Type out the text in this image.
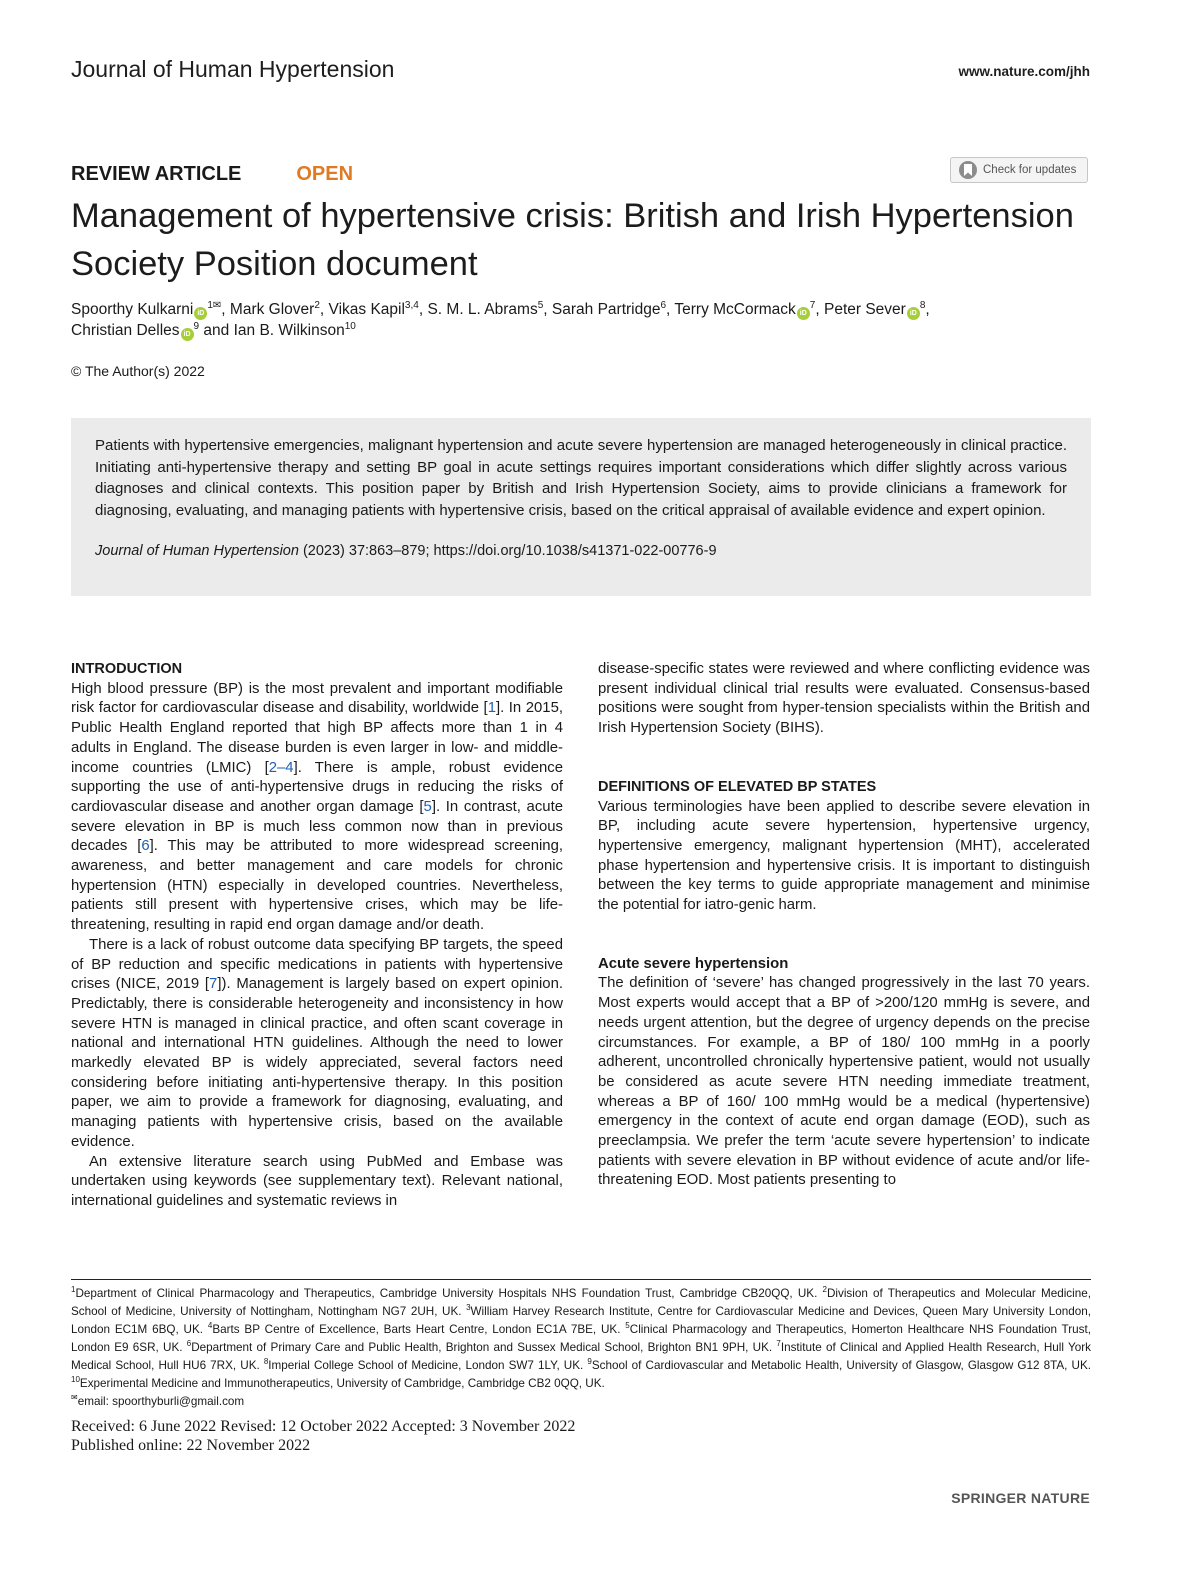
Journal of Human Hypertension	www.nature.com/jhh
REVIEW ARTICLE	OPEN	Check for updates
Management of hypertensive crisis: British and Irish Hypertension Society Position document
Spoorthy Kulkarni $iD^{1✉}$, Mark Glover$^2$, Vikas Kapil$^{3,4}$, S. M. L. Abrams$^5$, Sarah Partridge$^6$, Terry McCormack $iD^7$, Peter Sever $iD^8$,
Christian Delles $iD^9$ and Ian B. Wilkinson$^{10}$
© The Author(s) 2022

Patients with hypertensive emergencies, malignant hypertension and acute severe hypertension are managed heterogeneously in clinical practice. Initiating anti-hypertensive therapy and setting BP goal in acute settings requires important considerations which differ slightly across various diagnoses and clinical contexts. This position paper by British and Irish Hypertension Society, aims to provide clinicians a framework for diagnosing, evaluating, and managing patients with hypertensive crisis, based on the critical appraisal of available evidence and expert opinion.

Journal of Human Hypertension (2023) 37:863–879; https://doi.org/10.1038/s41371-022-00776-9

INTRODUCTION

High blood pressure (BP) is the most prevalent and important modifiable risk factor for cardiovascular disease and disability, worldwide [1]. In 2015, Public Health England reported that high BP affects more than 1 in 4 adults in England. The disease burden is even larger in low- and middle-income countries (LMIC) [2–4]. There is ample, robust evidence supporting the use of anti-hypertensive drugs in reducing the risks of cardiovascular disease and another organ damage [5]. In contrast, acute severe elevation in BP is much less common now than in previous decades [6]. This may be attributed to more widespread screening, awareness, and better management and care models for chronic hypertension (HTN) especially in developed countries. Nevertheless, patients still present with hypertensive crises, which may be life-threatening, resulting in rapid end organ damage and/or death.

There is a lack of robust outcome data specifying BP targets, the speed of BP reduction and specific medications in patients with hypertensive crises (NICE, 2019 [7]). Management is largely based on expert opinion. Predictably, there is considerable heterogeneity and inconsistency in how severe HTN is managed in clinical practice, and often scant coverage in national and international HTN guidelines. Although the need to lower markedly elevated BP is widely appreciated, several factors need considering before initiating anti-hypertensive therapy. In this position paper, we aim to provide a framework for diagnosing, evaluating, and managing patients with hypertensive crisis, based on the available evidence.

An extensive literature search using PubMed and Embase was undertaken using keywords (see supplementary text). Relevant national, international guidelines and systematic reviews in

disease-specific states were reviewed and where conflicting evidence was present individual clinical trial results were evaluated. Consensus-based positions were sought from hyper-tension specialists within the British and Irish Hypertension Society (BIHS).

DEFINITIONS OF ELEVATED BP STATES

Various terminologies have been applied to describe severe elevation in BP, including acute severe hypertension, hypertensive urgency, hypertensive emergency, malignant hypertension (MHT), accelerated phase hypertension and hypertensive crisis. It is important to distinguish between the key terms to guide appropriate management and minimise the potential for iatro-genic harm.

Acute severe hypertension

The definition of ‘severe’ has changed progressively in the last 70 years. Most experts would accept that a BP of >200/120 mmHg is severe, and needs urgent attention, but the degree of urgency depends on the precise circumstances. For example, a BP of 180/ 100 mmHg in a poorly adherent, uncontrolled chronically hypertensive patient, would not usually be considered as acute severe HTN needing immediate treatment, whereas a BP of 160/ 100 mmHg would be a medical (hypertensive) emergency in the context of acute end organ damage (EOD), such as preeclampsia. We prefer the term ‘acute severe hypertension’ to indicate patients with severe elevation in BP without evidence of acute and/or life-threatening EOD. Most patients presenting to

$^1$Department of Clinical Pharmacology and Therapeutics, Cambridge University Hospitals NHS Foundation Trust, Cambridge CB20QQ, UK. $^2$Division of Therapeutics and Molecular Medicine, School of Medicine, University of Nottingham, Nottingham NG7 2UH, UK. $^3$William Harvey Research Institute, Centre for Cardiovascular Medicine and Devices, Queen Mary University London, London EC1M 6BQ, UK. $^4$Barts BP Centre of Excellence, Barts Heart Centre, London EC1A 7BE, UK. $^5$Clinical Pharmacology and Therapeutics, Homerton Healthcare NHS Foundation Trust, London E9 6SR, UK. $^6$Department of Primary Care and Public Health, Brighton and Sussex Medical School, Brighton BN1 9PH, UK. $^7$Institute of Clinical and Applied Health Research, Hull York Medical School, Hull HU6 7RX, UK. $^8$Imperial College School of Medicine, London SW7 1LY, UK. $^9$School of Cardiovascular and Metabolic Health, University of Glasgow, Glasgow G12 8TA, UK. $^{10}$Experimental Medicine and Immunotherapeutics, University of Cambridge, Cambridge CB2 0QQ, UK.
✉email: spoorthyburli@gmail.com
Received: 6 June 2022 Revised: 12 October 2022 Accepted: 3 November 2022
Published online: 22 November 2022
SPRINGER NATURE
